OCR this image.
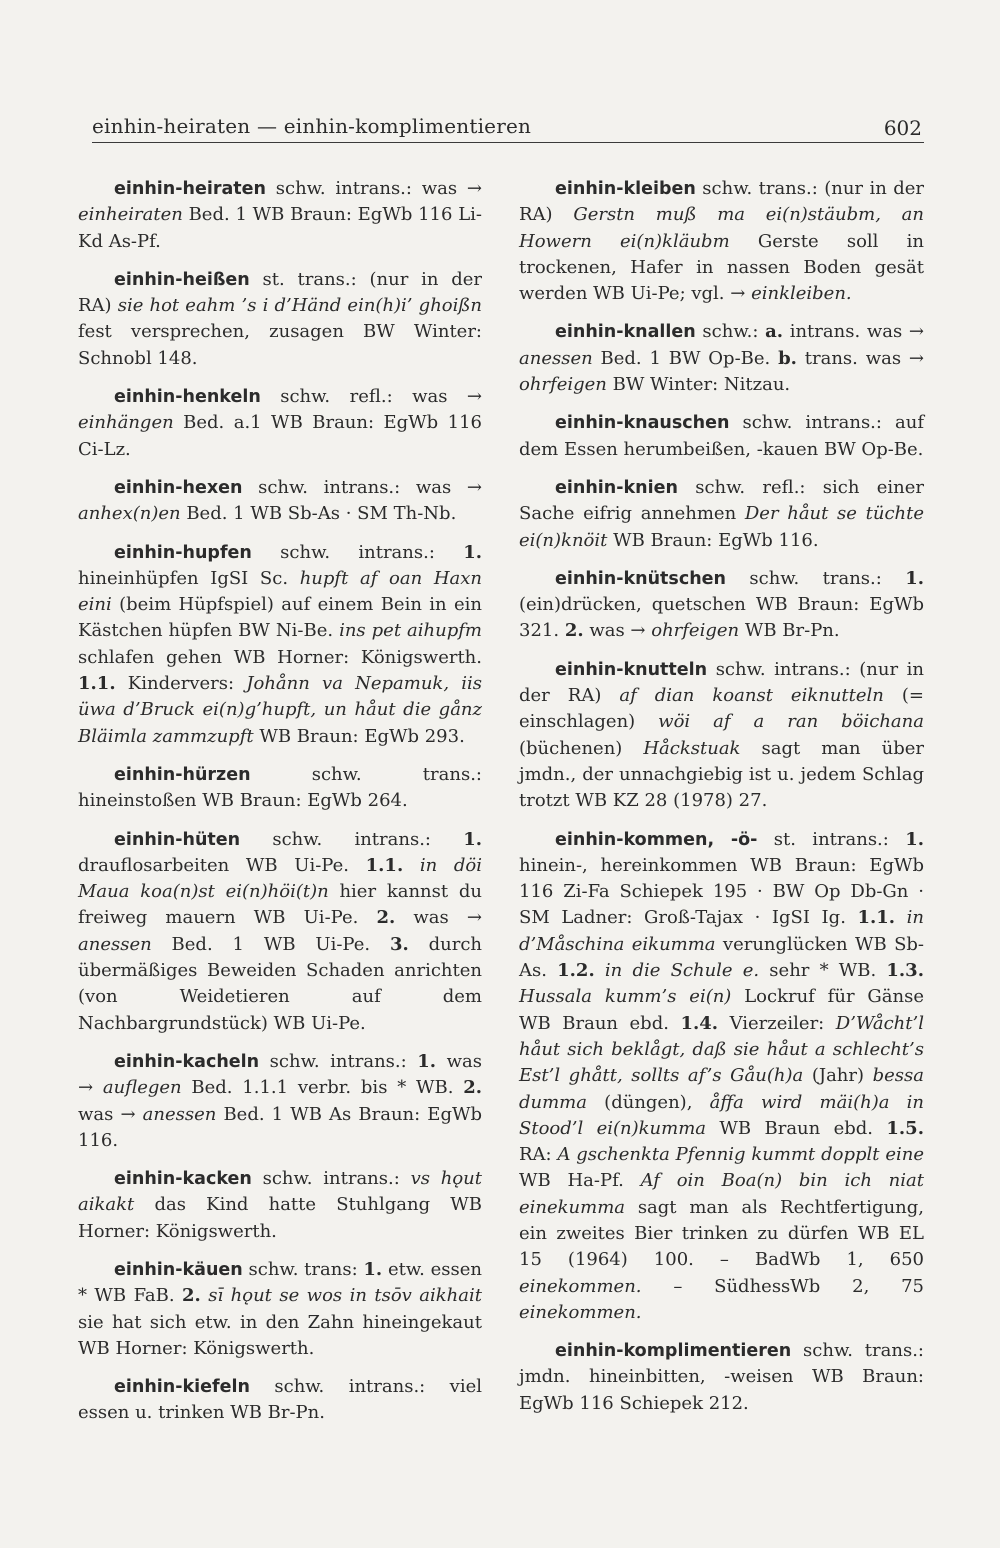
einhin-heiraten — einhin-komplimentieren	602

einhin-heiraten schw. intrans.: was → einheiraten Bed. 1 WB Braun: EgWb 116 Li-Kd As-Pf.

einhin-heißen st. trans.: (nur in der RA) sie hot eahm ’s i d’Händ ein(h)i’ ghoißn fest versprechen, zusagen BW Winter: Schnobl 148.

einhin-henkeln schw. refl.: was → einhängen Bed. a.1 WB Braun: EgWb 116 Ci-Lz.

einhin-hexen schw. intrans.: was → anhex(n)en Bed. 1 WB Sb-As · SM Th-Nb.

einhin-hupfen schw. intrans.: 1. hineinhüpfen IgSI Sc. hupft af oan Haxn eini (beim Hüpfspiel) auf einem Bein in ein Kästchen hüpfen BW Ni-Be. ins pet aihupfm schlafen gehen WB Horner: Königswerth. 1.1. Kindervers: Johånn va Nepamuk, iis üwa d’Bruck ei(n)g’hupft, un håut die gånz Bläimla zammzupft WB Braun: EgWb 293.

einhin-hürzen schw. trans.: hineinstoßen WB Braun: EgWb 264.

einhin-hüten schw. intrans.: 1. drauflosarbeiten WB Ui-Pe. 1.1. in döi Maua koa(n)st ei(n)höi(t)n hier kannst du freiweg mauern WB Ui-Pe. 2. was → anessen Bed. 1 WB Ui-Pe. 3. durch übermäßiges Beweiden Schaden anrichten (von Weidetieren auf dem Nachbargrundstück) WB Ui-Pe.

einhin-kacheln schw. intrans.: 1. was → auflegen Bed. 1.1.1 verbr. bis * WB. 2. was → anessen Bed. 1 WB As Braun: EgWb 116.

einhin-kacken schw. intrans.: vs hǫut aikakt das Kind hatte Stuhlgang WB Horner: Königswerth.

einhin-käuen schw. trans: 1. etw. essen * WB FaB. 2. sī hǫut se wos in tsōv aikhait sie hat sich etw. in den Zahn hineingekaut WB Horner: Königswerth.

einhin-kiefeln schw. intrans.: viel essen u. trinken WB Br-Pn.

einhin-kleiben schw. trans.: (nur in der RA) Gerstn muß ma ei(n)stäubm, an Howern ei(n)kläubm Gerste soll in trockenen, Hafer in nassen Boden gesät werden WB Ui-Pe; vgl. → einkleiben.

einhin-knallen schw.: a. intrans. was → anessen Bed. 1 BW Op-Be. b. trans. was → ohrfeigen BW Winter: Nitzau.

einhin-knauschen schw. intrans.: auf dem Essen herumbeißen, -kauen BW Op-Be.

einhin-knien schw. refl.: sich einer Sache eifrig annehmen Der håut se tüchte ei(n)knöit WB Braun: EgWb 116.

einhin-knütschen schw. trans.: 1. (ein)drücken, quetschen WB Braun: EgWb 321. 2. was → ohrfeigen WB Br-Pn.

einhin-knutteln schw. intrans.: (nur in der RA) af dian koanst eiknutteln (= einschlagen) wöi af a ran böichana (büchenen) Håckstuak sagt man über jmdn., der unnachgiebig ist u. jedem Schlag trotzt WB KZ 28 (1978) 27.

einhin-kommen, -ö- st. intrans.: 1. hinein-, hereinkommen WB Braun: EgWb 116 Zi-Fa Schiepek 195 · BW Op Db-Gn · SM Ladner: Groß-Tajax · IgSI Ig. 1.1. in d’Måschina eikumma verunglücken WB Sb-As. 1.2. in die Schule e. sehr * WB. 1.3. Hussala kumm’s ei(n) Lockruf für Gänse WB Braun ebd. 1.4. Vierzeiler: D’Wåcht’l håut sich beklågt, daß sie håut a schlecht’s Est’l ghått, sollts af’s Gåu(h)a (Jahr) bessa dumma (düngen), åffa wird mäi(h)a in Stood’l ei(n)kumma WB Braun ebd. 1.5. RA: A gschenkta Pfennig kummt dopplt eine WB Ha-Pf. Af oin Boa(n) bin ich niat einekumma sagt man als Rechtfertigung, ein zweites Bier trinken zu dürfen WB EL 15 (1964) 100. – BadWb 1, 650 einekommen. – SüdhessWb 2, 75 einekommen.

einhin-komplimentieren schw. trans.: jmdn. hineinbitten, -weisen WB Braun: EgWb 116 Schiepek 212.
